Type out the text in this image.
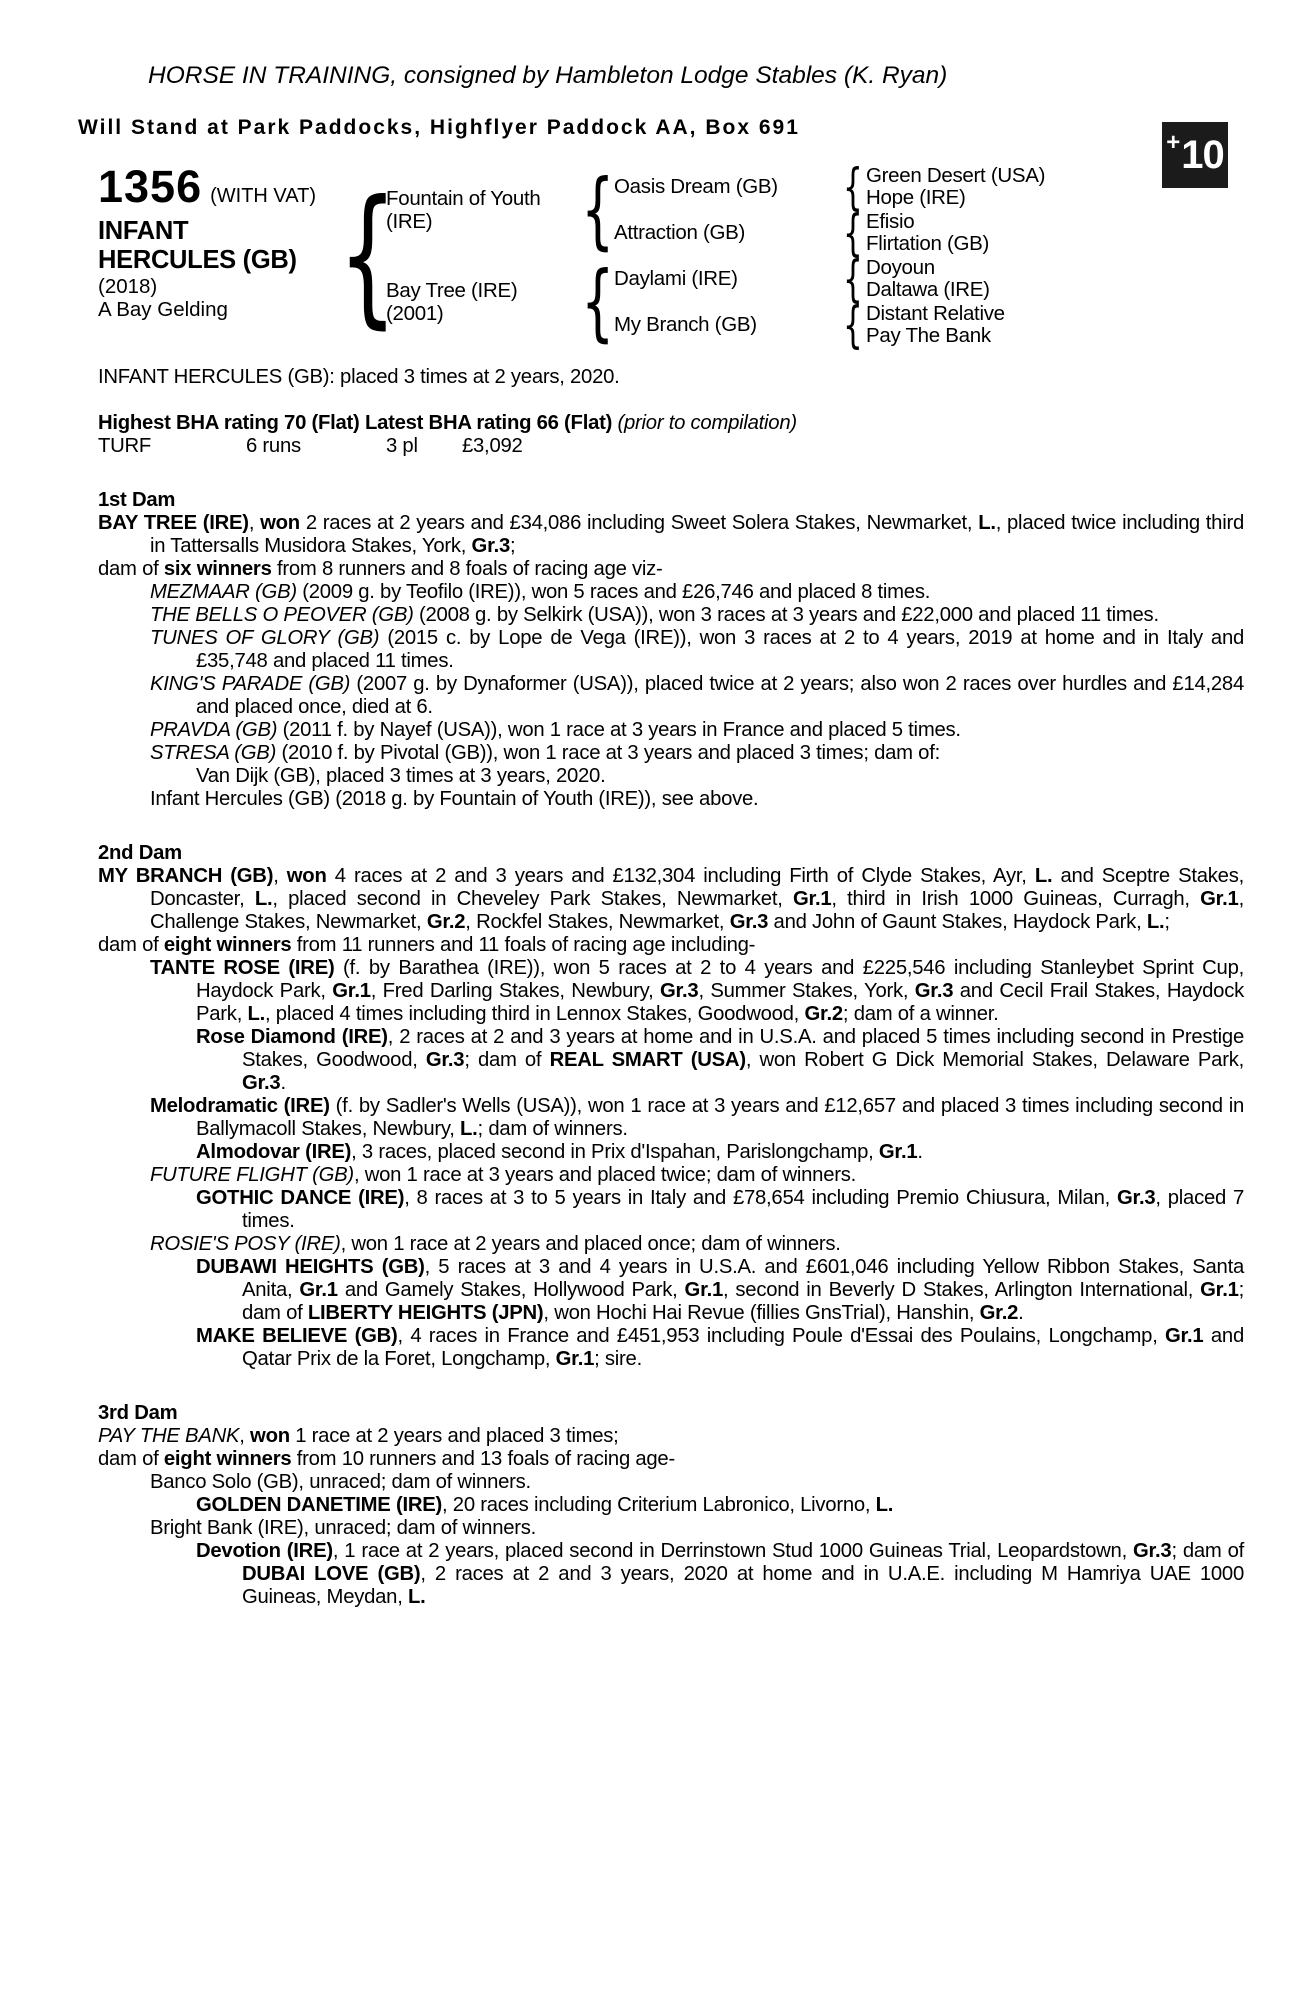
HORSE IN TRAINING, consigned by Hambleton Lodge Stables (K. Ryan)
Will Stand at Park Paddocks, Highflyer Paddock AA, Box 691
+ 10
1356 (WITH VAT)
INFANT
HERCULES (GB)
(2018)
A Bay Gelding {
Fountain of Youth
(IRE)
Bay Tree (IRE)
(2001)
{
{
Oasis Dream (GB)
Attraction (GB)
Daylami (IRE)
My Branch (GB)
{
{
{
{
Green Desert (USA)
Hope (IRE)
Efisio
Flirtation (GB)
Doyoun
Daltawa (IRE)
Distant Relative
Pay The Bank
INFANT HERCULES (GB): placed 3 times at 2 years, 2020.
Highest BHA rating 70 (Flat) Latest BHA rating 66 (Flat) (prior to compilation)
TURF	6 runs	3 pl	£3,092
1st Dam
BAY TREE (IRE), won 2 races at 2 years and £34,086 including Sweet Solera Stakes, Newmarket, L., placed twice including third in Tattersalls Musidora Stakes, York, Gr.3;
dam of six winners from 8 runners and 8 foals of racing age viz-
MEZMAAR (GB) (2009 g. by Teofilo (IRE)), won 5 races and £26,746 and placed 8 times.
THE BELLS O PEOVER (GB) (2008 g. by Selkirk (USA)), won 3 races at 3 years and £22,000 and placed 11 times.
TUNES OF GLORY (GB) (2015 c. by Lope de Vega (IRE)), won 3 races at 2 to 4 years, 2019 at home and in Italy and £35,748 and placed 11 times.
KING'S PARADE (GB) (2007 g. by Dynaformer (USA)), placed twice at 2 years; also won 2 races over hurdles and £14,284 and placed once, died at 6.
PRAVDA (GB) (2011 f. by Nayef (USA)), won 1 race at 3 years in France and placed 5 times.
STRESA (GB) (2010 f. by Pivotal (GB)), won 1 race at 3 years and placed 3 times; dam of:
Van Dijk (GB), placed 3 times at 3 years, 2020.
Infant Hercules (GB) (2018 g. by Fountain of Youth (IRE)), see above.
2nd Dam
MY BRANCH (GB), won 4 races at 2 and 3 years and £132,304 including Firth of Clyde Stakes, Ayr, L. and Sceptre Stakes, Doncaster, L., placed second in Cheveley Park Stakes, Newmarket, Gr.1, third in Irish 1000 Guineas, Curragh, Gr.1, Challenge Stakes, Newmarket, Gr.2, Rockfel Stakes, Newmarket, Gr.3 and John of Gaunt Stakes, Haydock Park, L.;
dam of eight winners from 11 runners and 11 foals of racing age including-
TANTE ROSE (IRE) (f. by Barathea (IRE)), won 5 races at 2 to 4 years and £225,546 including Stanleybet Sprint Cup, Haydock Park, Gr.1, Fred Darling Stakes, Newbury, Gr.3, Summer Stakes, York, Gr.3 and Cecil Frail Stakes, Haydock Park, L., placed 4 times including third in Lennox Stakes, Goodwood, Gr.2; dam of a winner.
Rose Diamond (IRE), 2 races at 2 and 3 years at home and in U.S.A. and placed 5 times including second in Prestige Stakes, Goodwood, Gr.3; dam of REAL SMART (USA), won Robert G Dick Memorial Stakes, Delaware Park, Gr.3.
Melodramatic (IRE) (f. by Sadler's Wells (USA)), won 1 race at 3 years and £12,657 and placed 3 times including second in Ballymacoll Stakes, Newbury, L.; dam of winners.
Almodovar (IRE), 3 races, placed second in Prix d'Ispahan, Parislongchamp, Gr.1.
FUTURE FLIGHT (GB), won 1 race at 3 years and placed twice; dam of winners.
GOTHIC DANCE (IRE), 8 races at 3 to 5 years in Italy and £78,654 including Premio Chiusura, Milan, Gr.3, placed 7 times.
ROSIE'S POSY (IRE), won 1 race at 2 years and placed once; dam of winners.
DUBAWI HEIGHTS (GB), 5 races at 3 and 4 years in U.S.A. and £601,046 including Yellow Ribbon Stakes, Santa Anita, Gr.1 and Gamely Stakes, Hollywood Park, Gr.1, second in Beverly D Stakes, Arlington International, Gr.1; dam of LIBERTY HEIGHTS (JPN), won Hochi Hai Revue (fillies GnsTrial), Hanshin, Gr.2.
MAKE BELIEVE (GB), 4 races in France and £451,953 including Poule d'Essai des Poulains, Longchamp, Gr.1 and Qatar Prix de la Foret, Longchamp, Gr.1; sire.
3rd Dam
PAY THE BANK, won 1 race at 2 years and placed 3 times;
dam of eight winners from 10 runners and 13 foals of racing age-
Banco Solo (GB), unraced; dam of winners.
GOLDEN DANETIME (IRE), 20 races including Criterium Labronico, Livorno, L.
Bright Bank (IRE), unraced; dam of winners.
Devotion (IRE), 1 race at 2 years, placed second in Derrinstown Stud 1000 Guineas Trial, Leopardstown, Gr.3; dam of DUBAI LOVE (GB), 2 races at 2 and 3 years, 2020 at home and in U.A.E. including M Hamriya UAE 1000 Guineas, Meydan, L.
